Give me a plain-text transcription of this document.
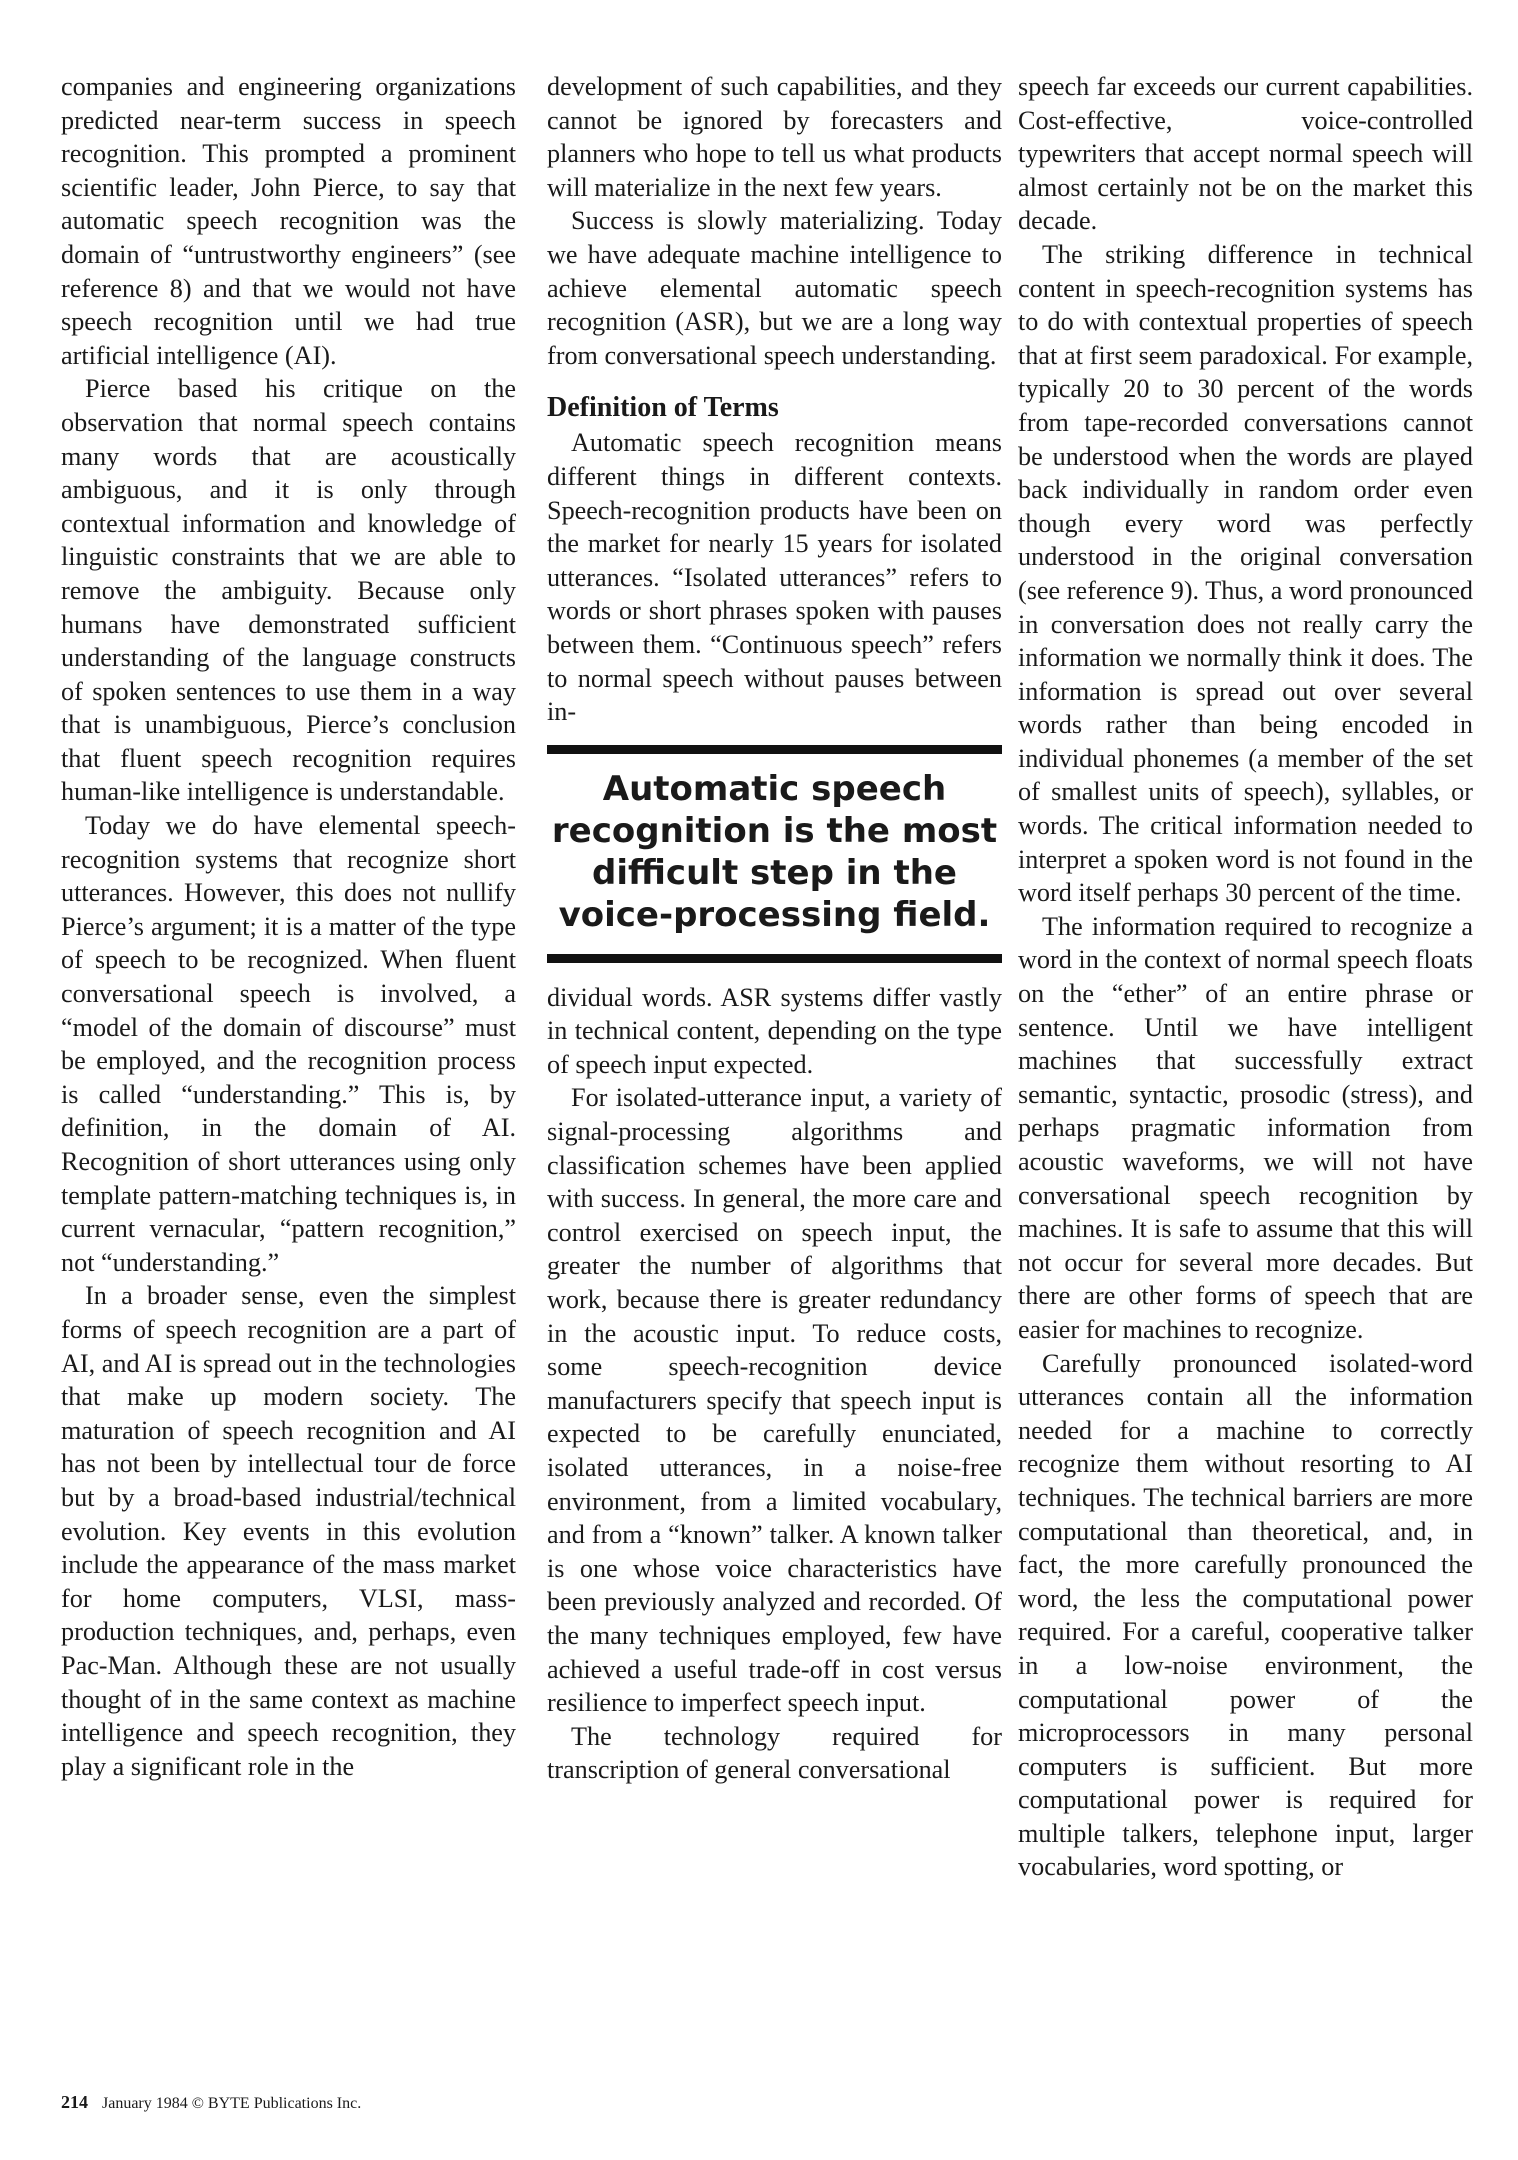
companies and engineering organizations predicted near-term success in speech recognition. This prompted a prominent scientific leader, John Pierce, to say that automatic speech recognition was the domain of “untrustworthy engineers” (see reference 8) and that we would not have speech recognition until we had true artificial intelligence (AI).

Pierce based his critique on the observation that normal speech contains many words that are acoustically ambiguous, and it is only through contextual information and knowledge of linguistic constraints that we are able to remove the ambiguity. Because only humans have demonstrated sufficient understanding of the language constructs of spoken sentences to use them in a way that is unambiguous, Pierce’s conclusion that fluent speech recognition requires human-like intelligence is understandable.

Today we do have elemental speech-recognition systems that recognize short utterances. However, this does not nullify Pierce’s argument; it is a matter of the type of speech to be recognized. When fluent conversational speech is involved, a “model of the domain of discourse” must be employed, and the recognition process is called “understanding.” This is, by definition, in the domain of AI. Recognition of short utterances using only template pattern-matching techniques is, in current vernacular, “pattern recognition,” not “understanding.”

In a broader sense, even the simplest forms of speech recognition are a part of AI, and AI is spread out in the technologies that make up modern society. The maturation of speech recognition and AI has not been by intellectual tour de force but by a broad-based industrial/technical evolution. Key events in this evolution include the appearance of the mass market for home computers, VLSI, mass-production techniques, and, perhaps, even Pac-Man. Although these are not usually thought of in the same context as machine intelligence and speech recognition, they play a significant role in the

development of such capabilities, and they cannot be ignored by forecasters and planners who hope to tell us what products will materialize in the next few years.

Success is slowly materializing. Today we have adequate machine intelligence to achieve elemental automatic speech recognition (ASR), but we are a long way from conversational speech understanding.

Definition of Terms

Automatic speech recognition means different things in different contexts. Speech-recognition products have been on the market for nearly 15 years for isolated utterances. “Isolated utterances” refers to words or short phrases spoken with pauses between them. “Continuous speech” refers to normal speech without pauses between in-

Automatic speech recognition is the most difficult step in the voice-processing field.

dividual words. ASR systems differ vastly in technical content, depending on the type of speech input expected.

For isolated-utterance input, a variety of signal-processing algorithms and classification schemes have been applied with success. In general, the more care and control exercised on speech input, the greater the number of algorithms that work, because there is greater redundancy in the acoustic input. To reduce costs, some speech-recognition device manufacturers specify that speech input is expected to be carefully enunciated, isolated utterances, in a noise-free environment, from a limited vocabulary, and from a “known” talker. A known talker is one whose voice characteristics have been previously analyzed and recorded. Of the many techniques employed, few have achieved a useful trade-off in cost versus resilience to imperfect speech input.

The technology required for transcription of general conversational

speech far exceeds our current capabilities. Cost-effective, voice-controlled typewriters that accept normal speech will almost certainly not be on the market this decade.

The striking difference in technical content in speech-recognition systems has to do with contextual properties of speech that at first seem paradoxical. For example, typically 20 to 30 percent of the words from tape-recorded conversations cannot be understood when the words are played back individually in random order even though every word was perfectly understood in the original conversation (see reference 9). Thus, a word pronounced in conversation does not really carry the information we normally think it does. The information is spread out over several words rather than being encoded in individual phonemes (a member of the set of smallest units of speech), syllables, or words. The critical information needed to interpret a spoken word is not found in the word itself perhaps 30 percent of the time.

The information required to recognize a word in the context of normal speech floats on the “ether” of an entire phrase or sentence. Until we have intelligent machines that successfully extract semantic, syntactic, prosodic (stress), and perhaps pragmatic information from acoustic waveforms, we will not have conversational speech recognition by machines. It is safe to assume that this will not occur for several more decades. But there are other forms of speech that are easier for machines to recognize.

Carefully pronounced isolated-word utterances contain all the information needed for a machine to correctly recognize them without resorting to AI techniques. The technical barriers are more computational than theoretical, and, in fact, the more carefully pronounced the word, the less the computational power required. For a careful, cooperative talker in a low-noise environment, the computational power of the microprocessors in many personal computers is sufficient. But more computational power is required for multiple talkers, telephone input, larger vocabularies, word spotting, or

214 January 1984 © BYTE Publications Inc.
